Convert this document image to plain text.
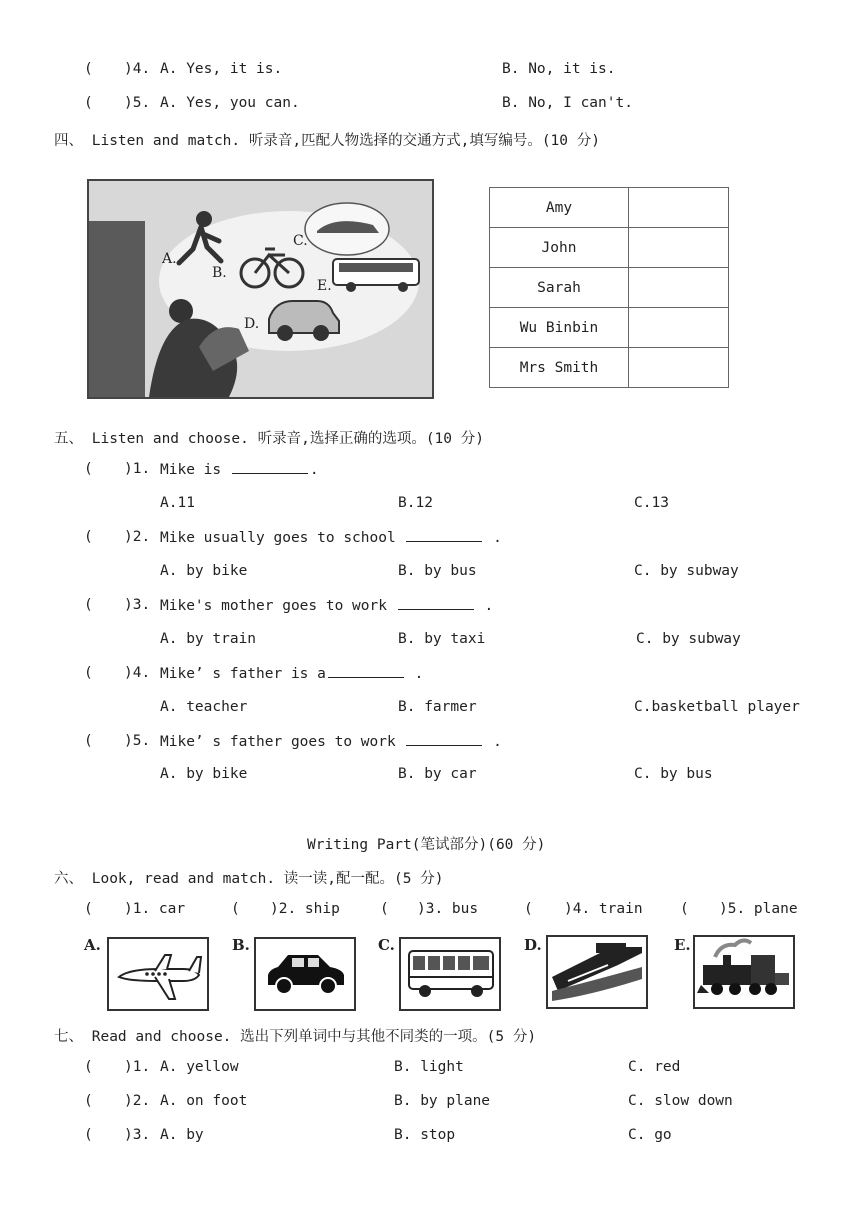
( )4. A. Yes, it is.	B. No, it is.
( )5. A. Yes, you can.	B. No, I can't.
四、 Listen and match. 听录音,匹配人物选择的交通方式,填写编号。(10 分)
A.
B.
C.
D.
E.
Amy	
John	
Sarah	
Wu Binbin	
Mrs Smith	
五、 Listen and choose. 听录音,选择正确的选项。(10 分)
( )1. Mike is	.
A.11	B.12	C.13
( )2. Mike usually goes to school	.
A. by bike	B. by bus	C. by subway
( )3. Mike's mother goes to work	.
A. by train	B. by taxi	C. by subway
( )4. Mike’ s father is a	.
A. teacher	B. farmer	C.basketball player
( )5. Mike’ s father goes to work	.
A. by bike	B. by car	C. by bus
Writing Part(笔试部分)(60 分)
六、 Look, read and match. 读一读,配一配。(5 分)
( )1. car	( )2. ship	( )3. bus	( )4. train	( )5. plane
A.	B.	C.	D.	E.
七、 Read and choose. 选出下列单词中与其他不同类的一项。(5 分)
( )1. A. yellow	B. light	C. red
( )2. A. on foot	B. by plane	C. slow down
( )3. A. by	B. stop	C. go
